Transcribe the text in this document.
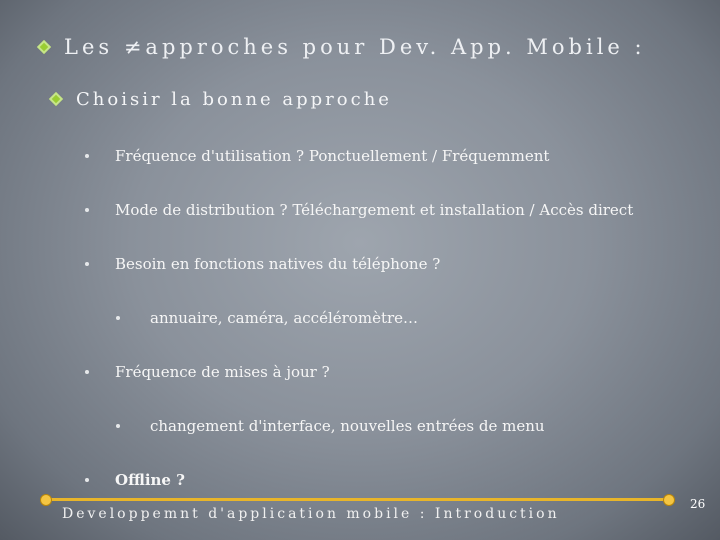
Les ≠approches pour Dev. App. Mobile :
Choisir la bonne approche
Fréquence d'utilisation ? Ponctuellement / Fréquemment
Mode de distribution ? Téléchargement et installation / Accès direct
Besoin en fonctions natives du téléphone ?
annuaire, caméra, accéléromètre…
Fréquence de mises à jour ?
changement d'interface, nouvelles entrées de menu
Offline ?
Developpemnt d'application mobile : Introduction
26
